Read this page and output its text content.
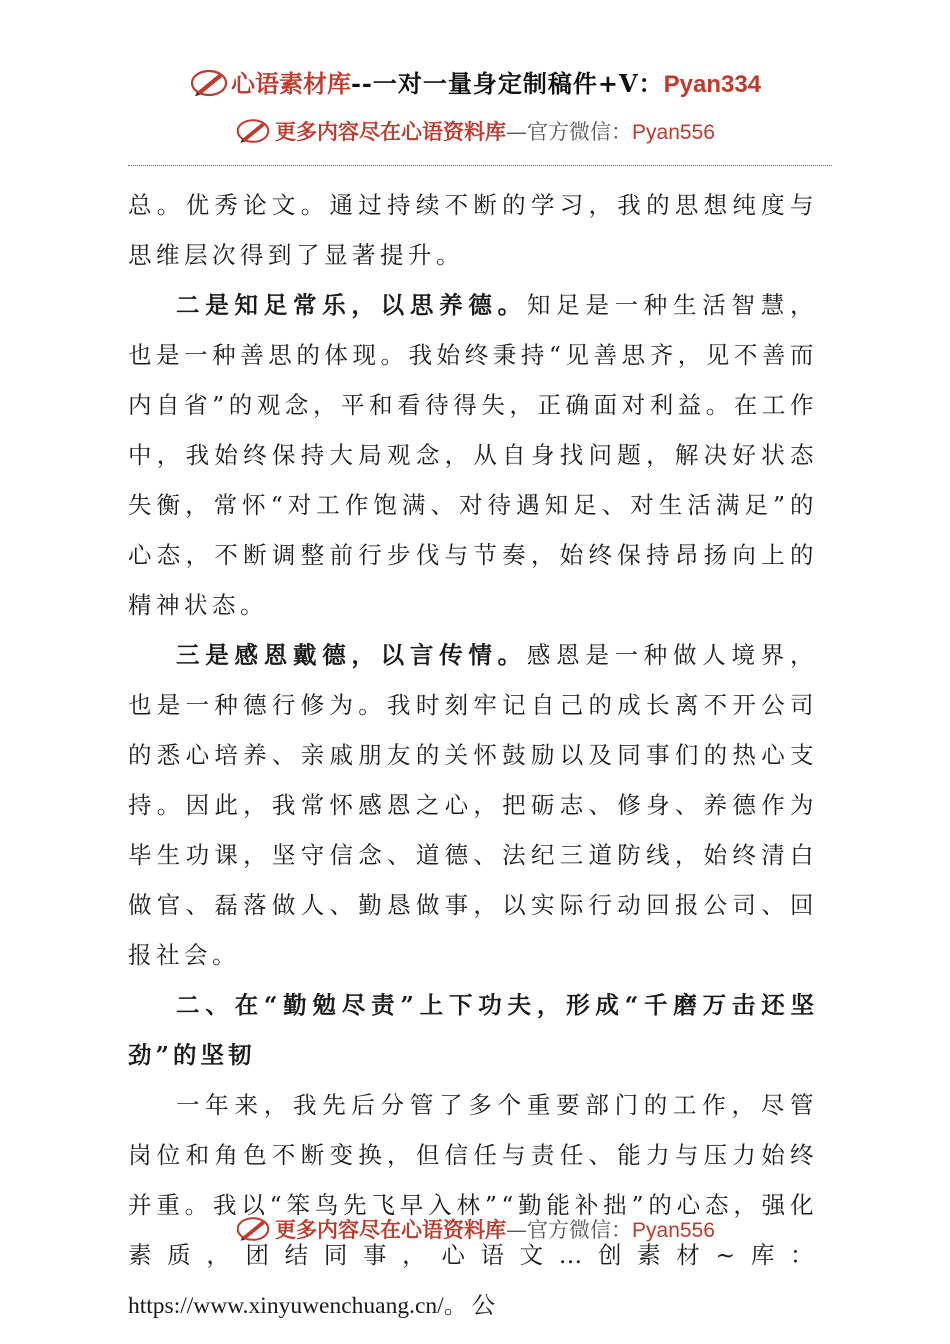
心语素材库--一对一量身定制稿件+V：Pyan334
更多内容尽在心语资料库—官方微信：Pyan556

总。优秀论文。通过持续不断的学习，我的思想纯度与思维层次得到了显著提升。

二是知足常乐，以思养德。知足是一种生活智慧，也是一种善思的体现。我始终秉持“见善思齐，见不善而内自省”的观念，平和看待得失，正确面对利益。在工作中，我始终保持大局观念，从自身找问题，解决好状态失衡，常怀“对工作饱满、对待遇知足、对生活满足”的心态，不断调整前行步伐与节奏，始终保持昂扬向上的精神状态。

三是感恩戴德，以言传情。感恩是一种做人境界，也是一种德行修为。我时刻牢记自己的成长离不开公司的悉心培养、亲戚朋友的关怀鼓励以及同事们的热心支持。因此，我常怀感恩之心，把砺志、修身、养德作为毕生功课，坚守信念、道德、法纪三道防线，始终清白做官、磊落做人、勤恳做事，以实际行动回报公司、回报社会。

二、在“勤勉尽责”上下功夫，形成“千磨万击还坚劲”的坚韧

一年来，我先后分管了多个重要部门的工作，尽管岗位和角色不断变换，但信任与责任、能力与压力始终并重。我以“笨鸟先飞早入林”“勤能补拙”的心态，强化素质，团结同事，心语文…创素材~库：https://www.xinyuwenchuang.cn/。公

更多内容尽在心语资料库—官方微信：Pyan556
